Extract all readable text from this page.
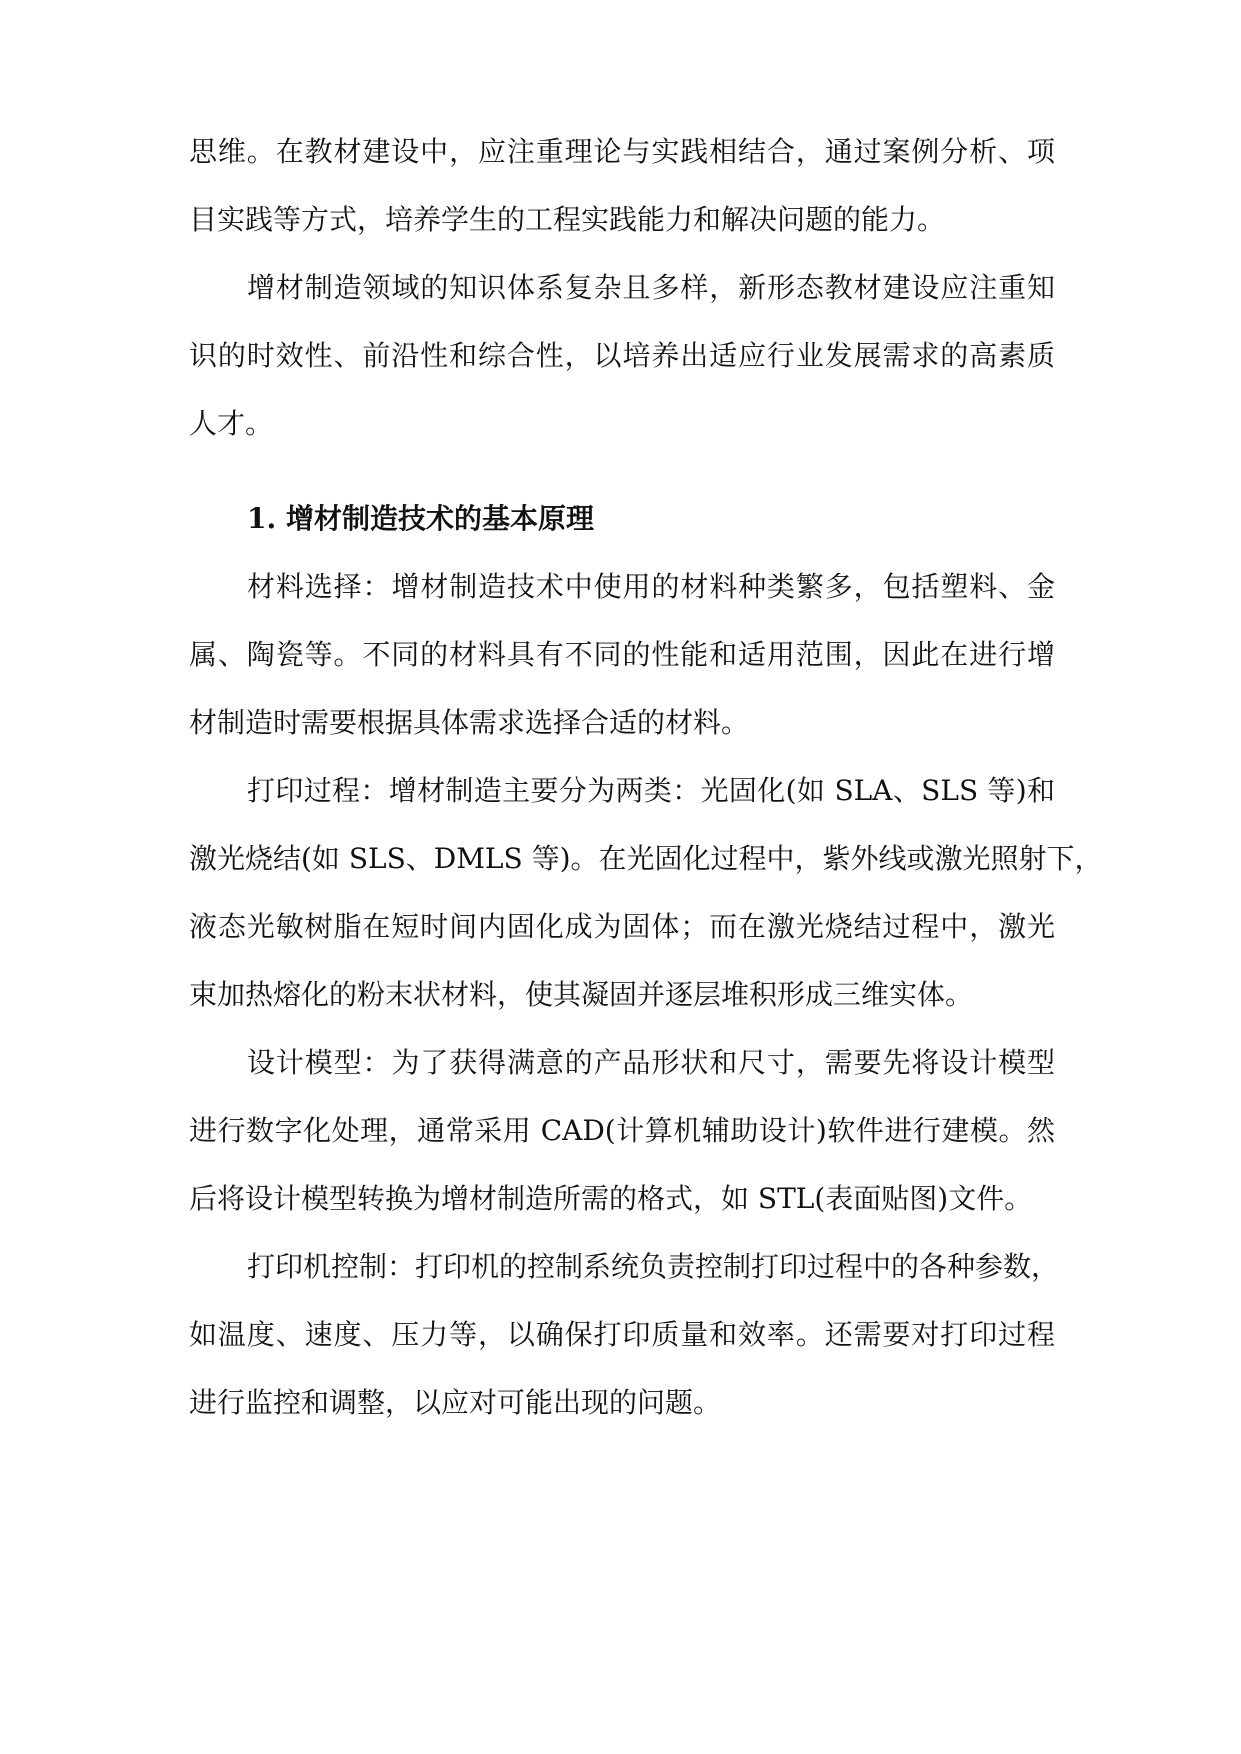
思维。在教材建设中，应注重理论与实践相结合，通过案例分析、项
目实践等方式，培养学生的工程实践能力和解决问题的能力。
增材制造领域的知识体系复杂且多样，新形态教材建设应注重知
识的时效性、前沿性和综合性，以培养出适应行业发展需求的高素质
人才。
1. 增材制造技术的基本原理
材料选择：增材制造技术中使用的材料种类繁多，包括塑料、金
属、陶瓷等。不同的材料具有不同的性能和适用范围，因此在进行增
材制造时需要根据具体需求选择合适的材料。
打印过程：增材制造主要分为两类：光固化(如 SLA、SLS 等)和
激光烧结(如 SLS、DMLS 等)。在光固化过程中，紫外线或激光照射下，
液态光敏树脂在短时间内固化成为固体；而在激光烧结过程中，激光
束加热熔化的粉末状材料，使其凝固并逐层堆积形成三维实体。
设计模型：为了获得满意的产品形状和尺寸，需要先将设计模型
进行数字化处理，通常采用 CAD(计算机辅助设计)软件进行建模。然
后将设计模型转换为增材制造所需的格式，如 STL(表面贴图)文件。
打印机控制：打印机的控制系统负责控制打印过程中的各种参数，
如温度、速度、压力等，以确保打印质量和效率。还需要对打印过程
进行监控和调整，以应对可能出现的问题。
